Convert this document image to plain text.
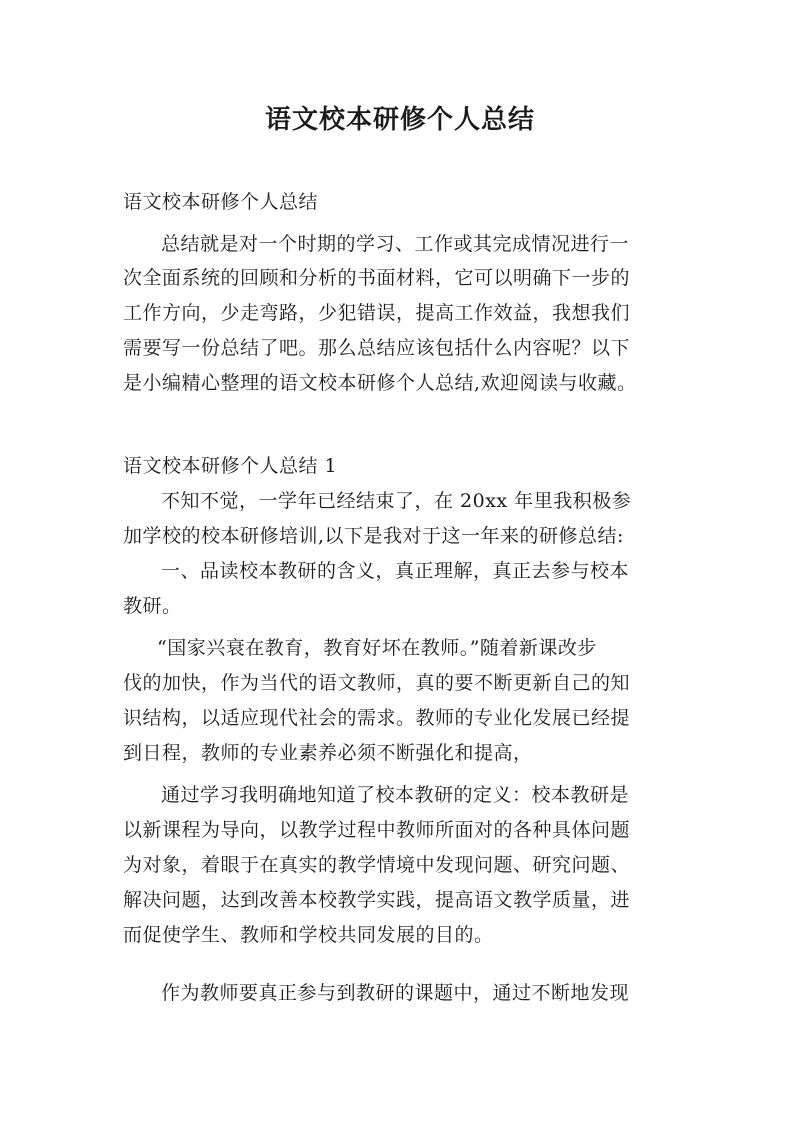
语文校本研修个人总结
语文校本研修个人总结
总结就是对一个时期的学习、工作或其完成情况进行一
次全面系统的回顾和分析的书面材料，它可以明确下一步的
工作方向，少走弯路，少犯错误，提高工作效益，我想我们
需要写一份总结了吧。那么总结应该包括什么内容呢？以下
是小编精心整理的语文校本研修个人总结,欢迎阅读与收藏。
语文校本研修个人总结 1
不知不觉，一学年已经结束了，在 20xx 年里我积极参
加学校的校本研修培训,以下是我对于这一年来的研修总结:
一、品读校本教研的含义，真正理解，真正去参与校本
教研。
“国家兴衰在教育，教育好坏在教师。”随着新课改步
伐的加快，作为当代的语文教师，真的要不断更新自己的知
识结构，以适应现代社会的需求。教师的专业化发展已经提
到日程，教师的专业素养必须不断强化和提高，
通过学习我明确地知道了校本教研的定义：校本教研是
以新课程为导向，以教学过程中教师所面对的各种具体问题
为对象，着眼于在真实的教学情境中发现问题、研究问题、
解决问题，达到改善本校教学实践，提高语文教学质量，进
而促使学生、教师和学校共同发展的目的。
作为教师要真正参与到教研的课题中，通过不断地发现
